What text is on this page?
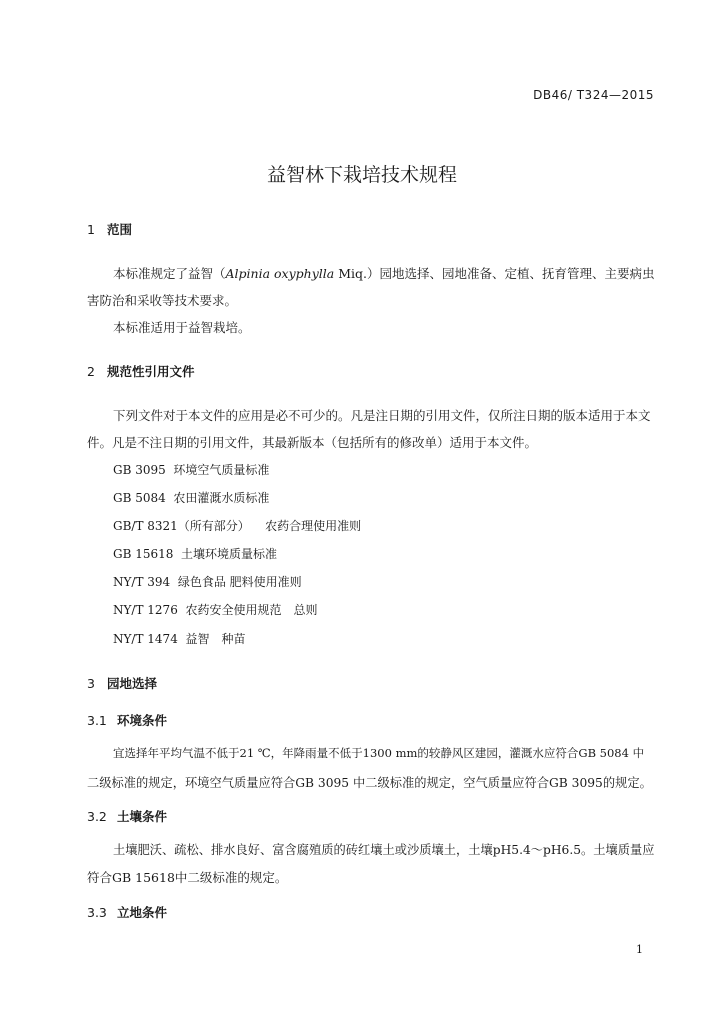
DB46/ T324—2015
益智林下栽培技术规程
1 范围
本标准规定了益智（Alpinia oxyphylla Miq.）园地选择、园地准备、定植、抚育管理、主要病虫
害防治和采收等技术要求。
本标准适用于益智栽培。
2 规范性引用文件
下列文件对于本文件的应用是必不可少的。凡是注日期的引用文件，仅所注日期的版本适用于本文
件。凡是不注日期的引用文件，其最新版本（包括所有的修改单）适用于本文件。
GB 3095 环境空气质量标准
GB 5084 农田灌溉水质标准
GB/T 8321（所有部分） 农药合理使用准则
GB 15618 土壤环境质量标准
NY/T 394 绿色食品 肥料使用准则
NY/T 1276 农药安全使用规范　总则
NY/T 1474 益智　种苗
3 园地选择
3.1 环境条件
宜选择年平均气温不低于21 ℃，年降雨量不低于1300 mm的较静风区建园，灌溉水应符合GB 5084 中
二级标准的规定，环境空气质量应符合GB 3095 中二级标准的规定，空气质量应符合GB 3095的规定。
3.2 土壤条件
土壤肥沃、疏松、排水良好、富含腐殖质的砖红壤土或沙质壤土，土壤pH5.4～pH6.5。土壤质量应
符合GB 15618中二级标准的规定。
3.3 立地条件
1
